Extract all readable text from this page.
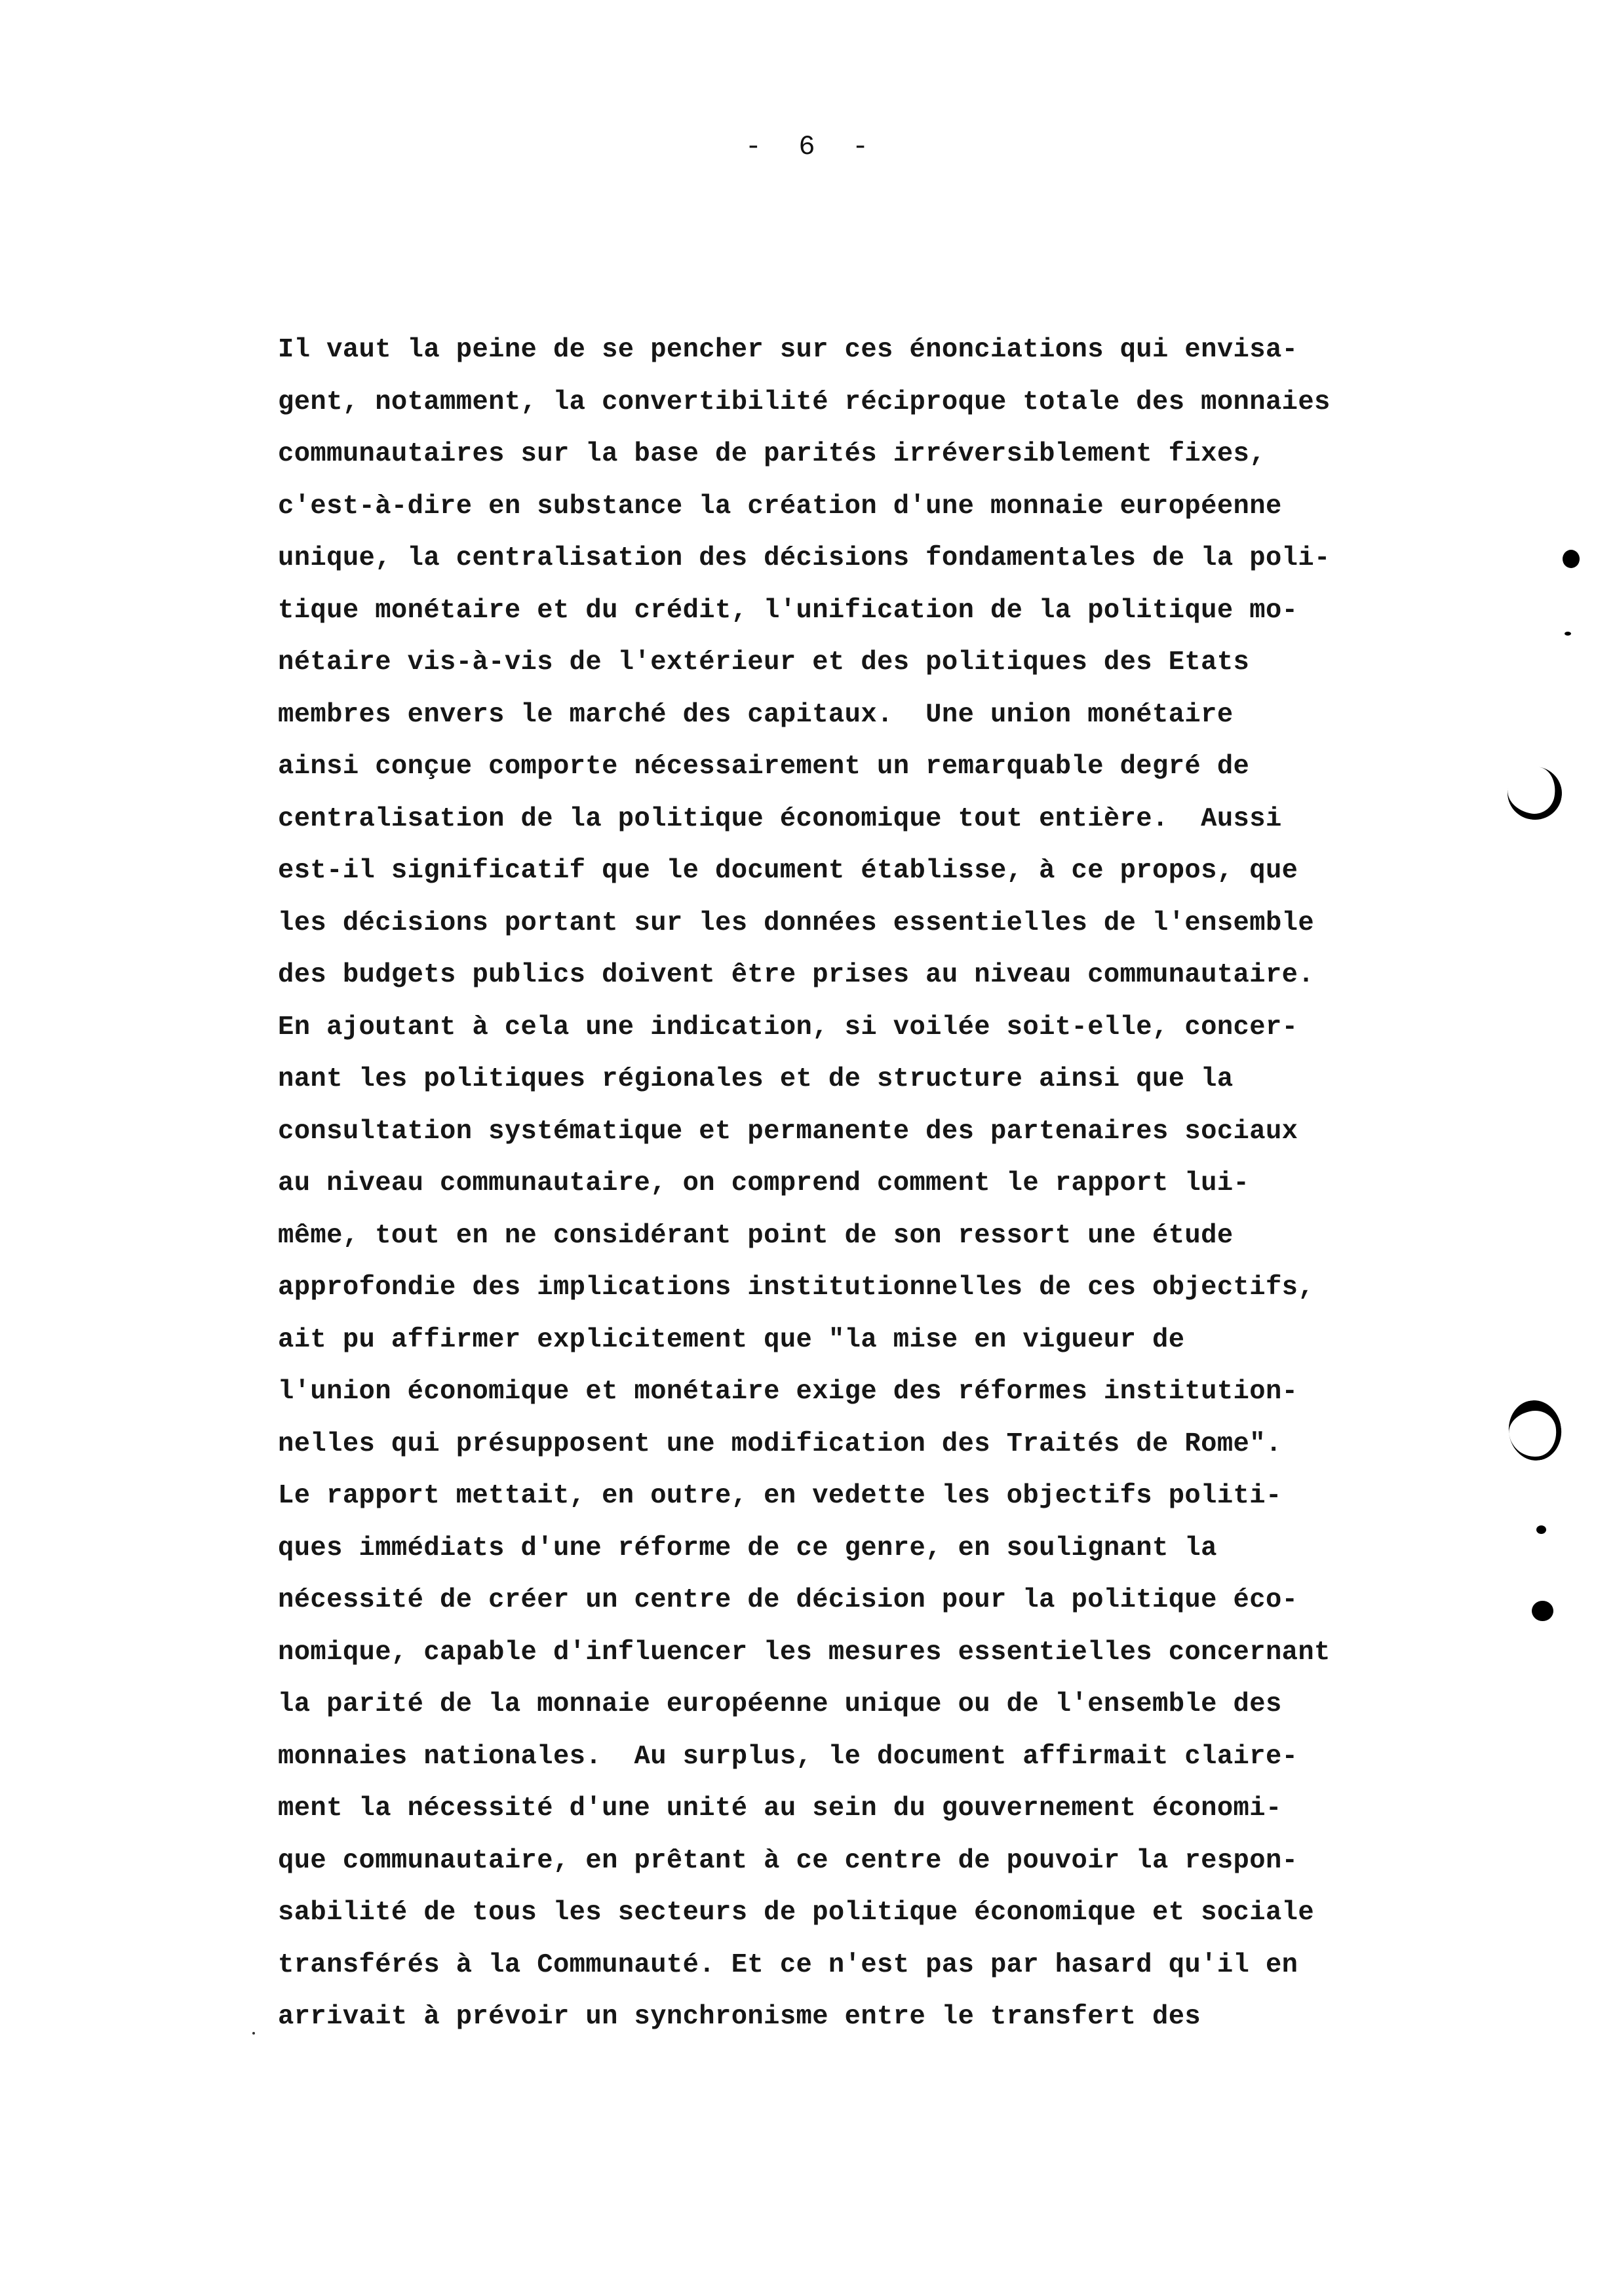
-  6  -
Il vaut la peine de se pencher sur ces énonciations qui envisa-
gent, notamment, la convertibilité réciproque totale des monnaies
communautaires sur la base de parités irréversiblement fixes,
c'est-à-dire en substance la création d'une monnaie européenne
unique, la centralisation des décisions fondamentales de la poli-
tique monétaire et du crédit, l'unification de la politique mo-
nétaire vis-à-vis de l'extérieur et des politiques des Etats
membres envers le marché des capitaux.  Une union monétaire
ainsi conçue comporte nécessairement un remarquable degré de
centralisation de la politique économique tout entière.  Aussi
est-il significatif que le document établisse, à ce propos, que
les décisions portant sur les données essentielles de l'ensemble
des budgets publics doivent être prises au niveau communautaire.
En ajoutant à cela une indication, si voilée soit-elle, concer-
nant les politiques régionales et de structure ainsi que la
consultation systématique et permanente des partenaires sociaux
au niveau communautaire, on comprend comment le rapport lui-
même, tout en ne considérant point de son ressort une étude
approfondie des implications institutionnelles de ces objectifs,
ait pu affirmer explicitement que "la mise en vigueur de
l'union économique et monétaire exige des réformes institution-
nelles qui présupposent une modification des Traités de Rome".
Le rapport mettait, en outre, en vedette les objectifs politi-
ques immédiats d'une réforme de ce genre, en soulignant la
nécessité de créer un centre de décision pour la politique éco-
nomique, capable d'influencer les mesures essentielles concernant
la parité de la monnaie européenne unique ou de l'ensemble des
monnaies nationales.  Au surplus, le document affirmait claire-
ment la nécessité d'une unité au sein du gouvernement économi-
que communautaire, en prêtant à ce centre de pouvoir la respon-
sabilité de tous les secteurs de politique économique et sociale
transférés à la Communauté. Et ce n'est pas par hasard qu'il en
arrivait à prévoir un synchronisme entre le transfert des
